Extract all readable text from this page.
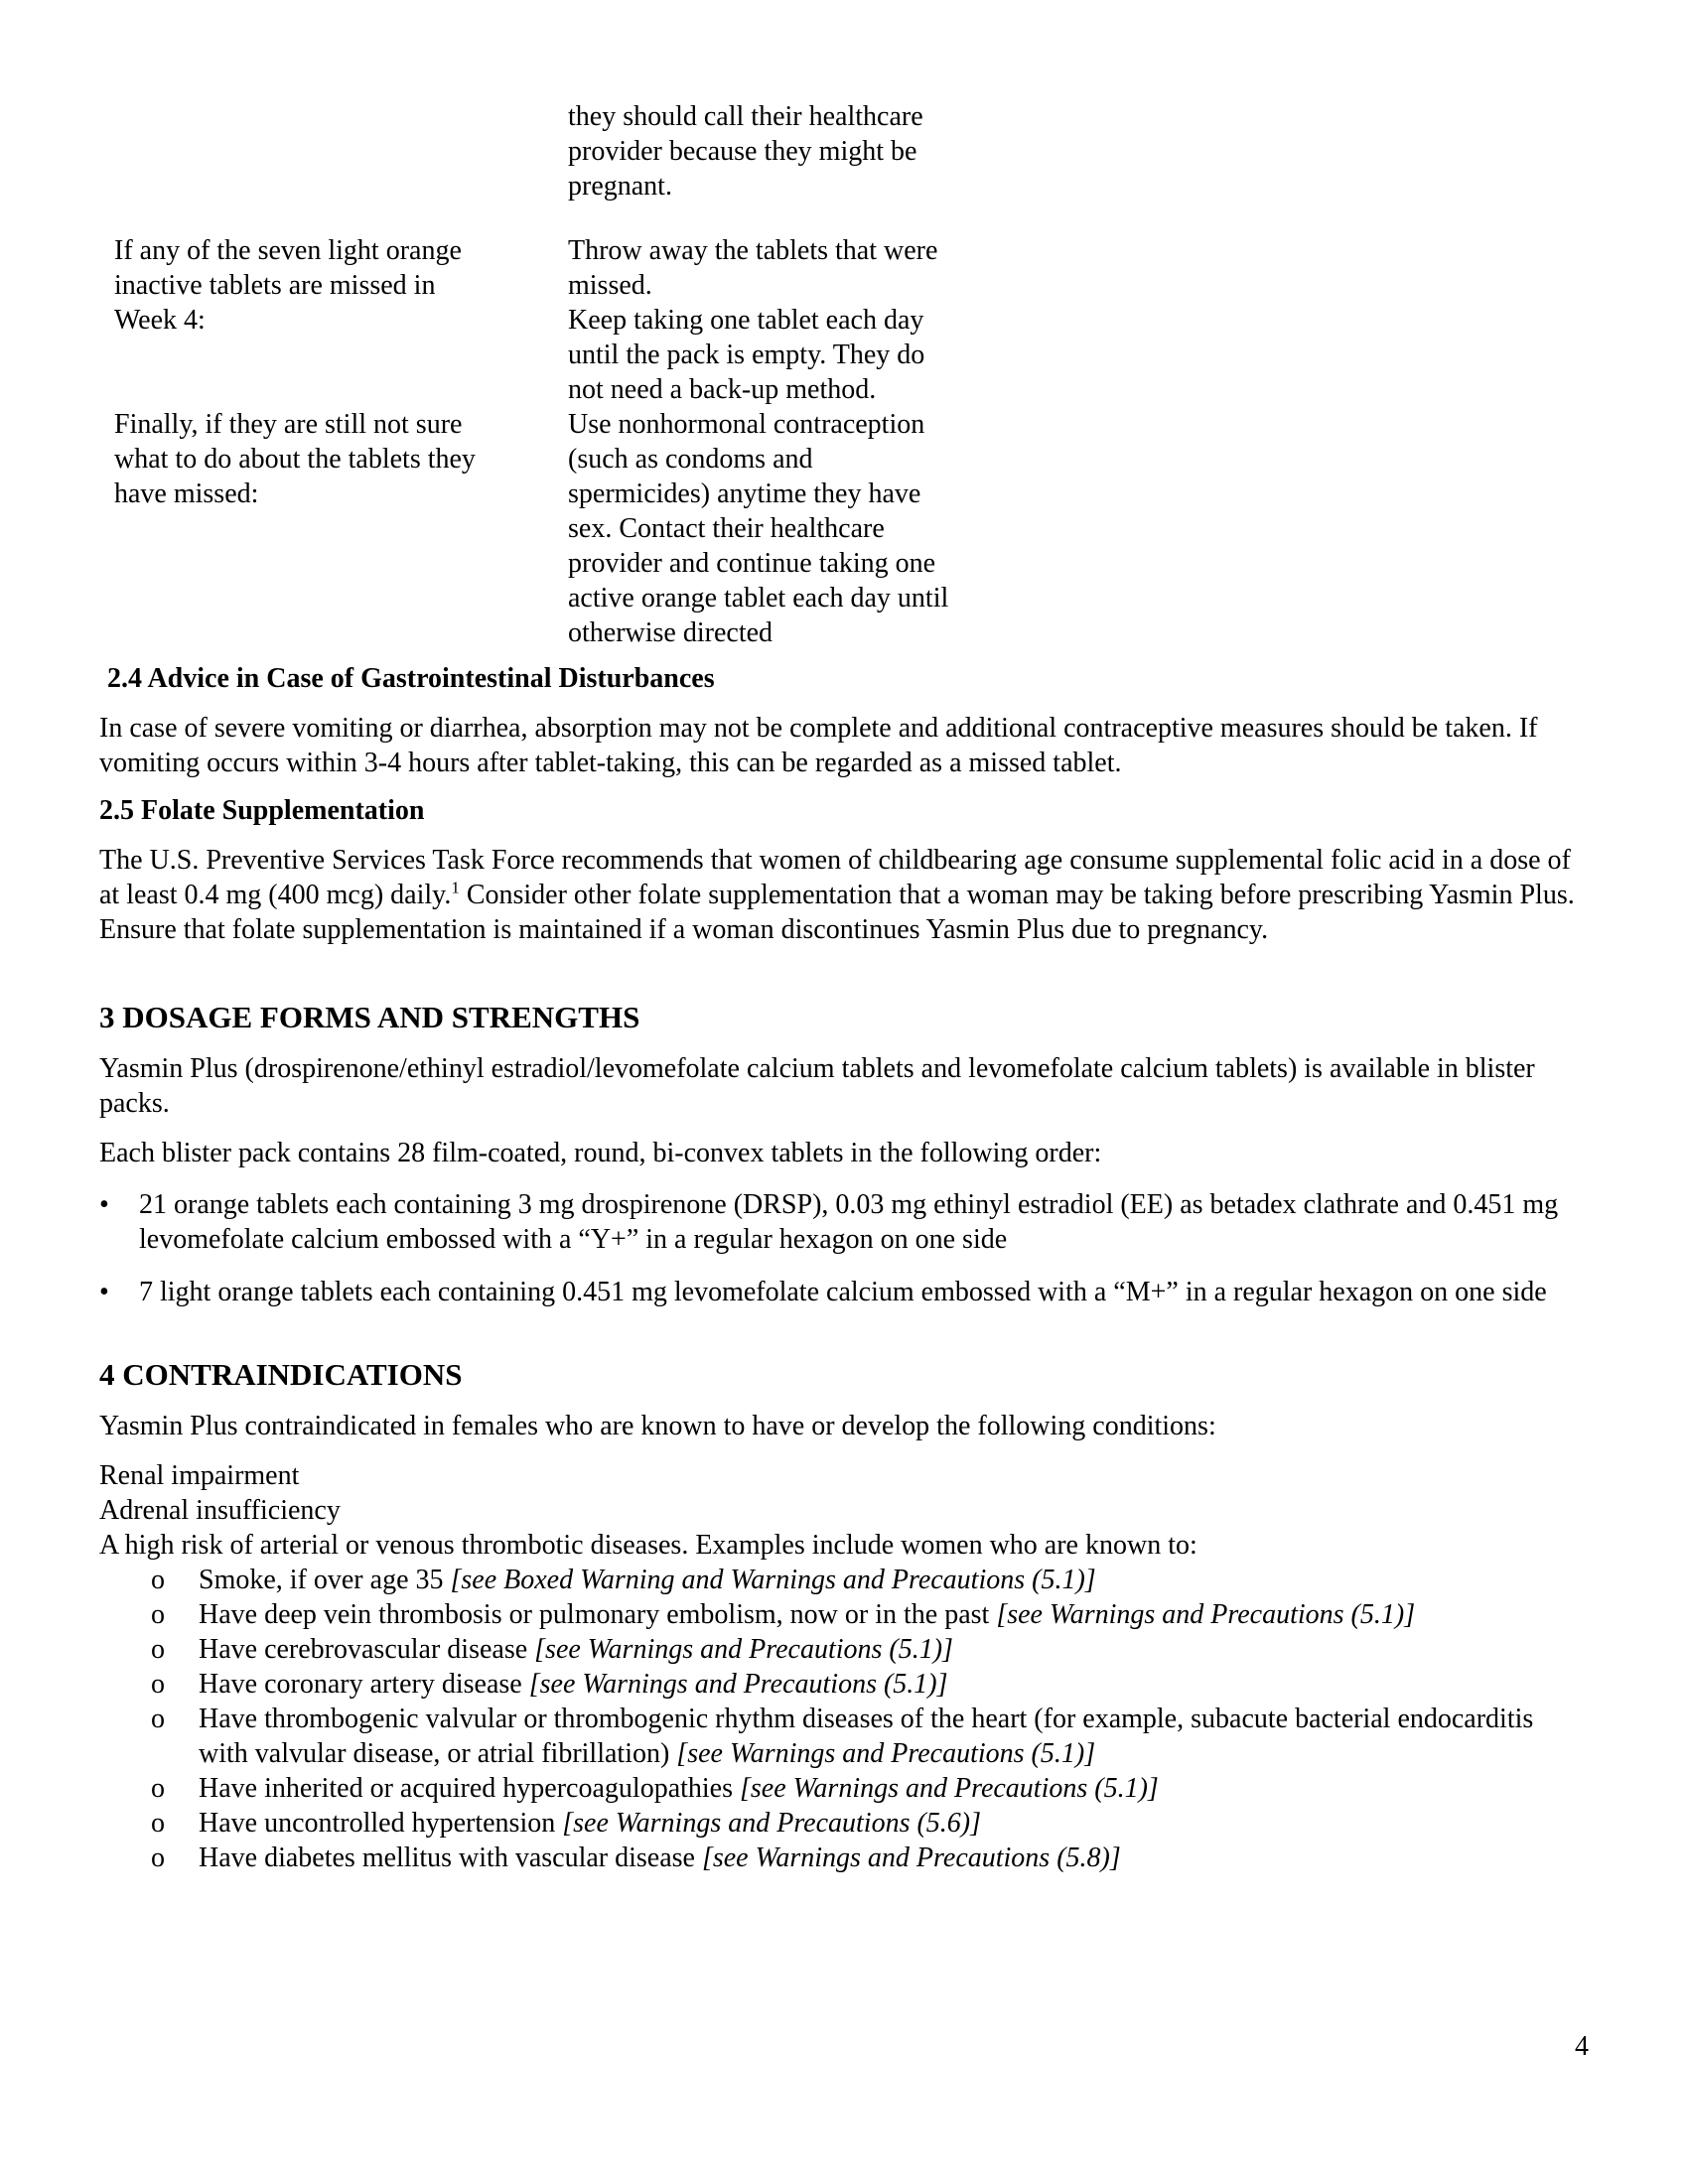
they should call their healthcare
provider because they might be
pregnant.
If any of the seven light orange
inactive tablets are missed in
Week 4:
Throw away the tablets that were
missed.
Keep taking one tablet each day
until the pack is empty. They do
not need a back-up method.
Finally, if they are still not sure
what to do about the tablets they
have missed:
Use nonhormonal contraception
(such as condoms and
spermicides) anytime they have
sex. Contact their healthcare
provider and continue taking one
active orange tablet each day until
otherwise directed
2.4 Advice in Case of Gastrointestinal Disturbances

In case of severe vomiting or diarrhea, absorption may not be complete and additional contraceptive measures should be taken. If vomiting occurs within 3-4 hours after tablet-taking, this can be regarded as a missed tablet.

2.5 Folate Supplementation

The U.S. Preventive Services Task Force recommends that women of childbearing age consume supplemental folic acid in a dose of at least 0.4 mg (400 mcg) daily.$^1$ Consider other folate supplementation that a woman may be taking before prescribing Yasmin Plus. Ensure that folate supplementation is maintained if a woman discontinues Yasmin Plus due to pregnancy.

3 DOSAGE FORMS AND STRENGTHS

Yasmin Plus (drospirenone/ethinyl estradiol/levomefolate calcium tablets and levomefolate calcium tablets) is available in blister packs.

Each blister pack contains 28 film-coated, round, bi-convex tablets in the following order:

•	21 orange tablets each containing 3 mg drospirenone (DRSP), 0.03 mg ethinyl estradiol (EE) as betadex clathrate and 0.451 mg levomefolate calcium embossed with a “Y+” in a regular hexagon on one side
•	7 light orange tablets each containing 0.451 mg levomefolate calcium embossed with a “M+” in a regular hexagon on one side
4 CONTRAINDICATIONS

Yasmin Plus contraindicated in females who are known to have or develop the following conditions:

Renal impairment
Adrenal insufficiency
A high risk of arterial or venous thrombotic diseases. Examples include women who are known to:
o Smoke, if over age 35 [see Boxed Warning and Warnings and Precautions (5.1)]
o Have deep vein thrombosis or pulmonary embolism, now or in the past [see Warnings and Precautions (5.1)]
o Have cerebrovascular disease [see Warnings and Precautions (5.1)]
o Have coronary artery disease [see Warnings and Precautions (5.1)]
o Have thrombogenic valvular or thrombogenic rhythm diseases of the heart (for example, subacute bacterial endocarditis with valvular disease, or atrial fibrillation) [see Warnings and Precautions (5.1)]
o Have inherited or acquired hypercoagulopathies [see Warnings and Precautions (5.1)]
o Have uncontrolled hypertension [see Warnings and Precautions (5.6)]
o Have diabetes mellitus with vascular disease [see Warnings and Precautions (5.8)]
4
